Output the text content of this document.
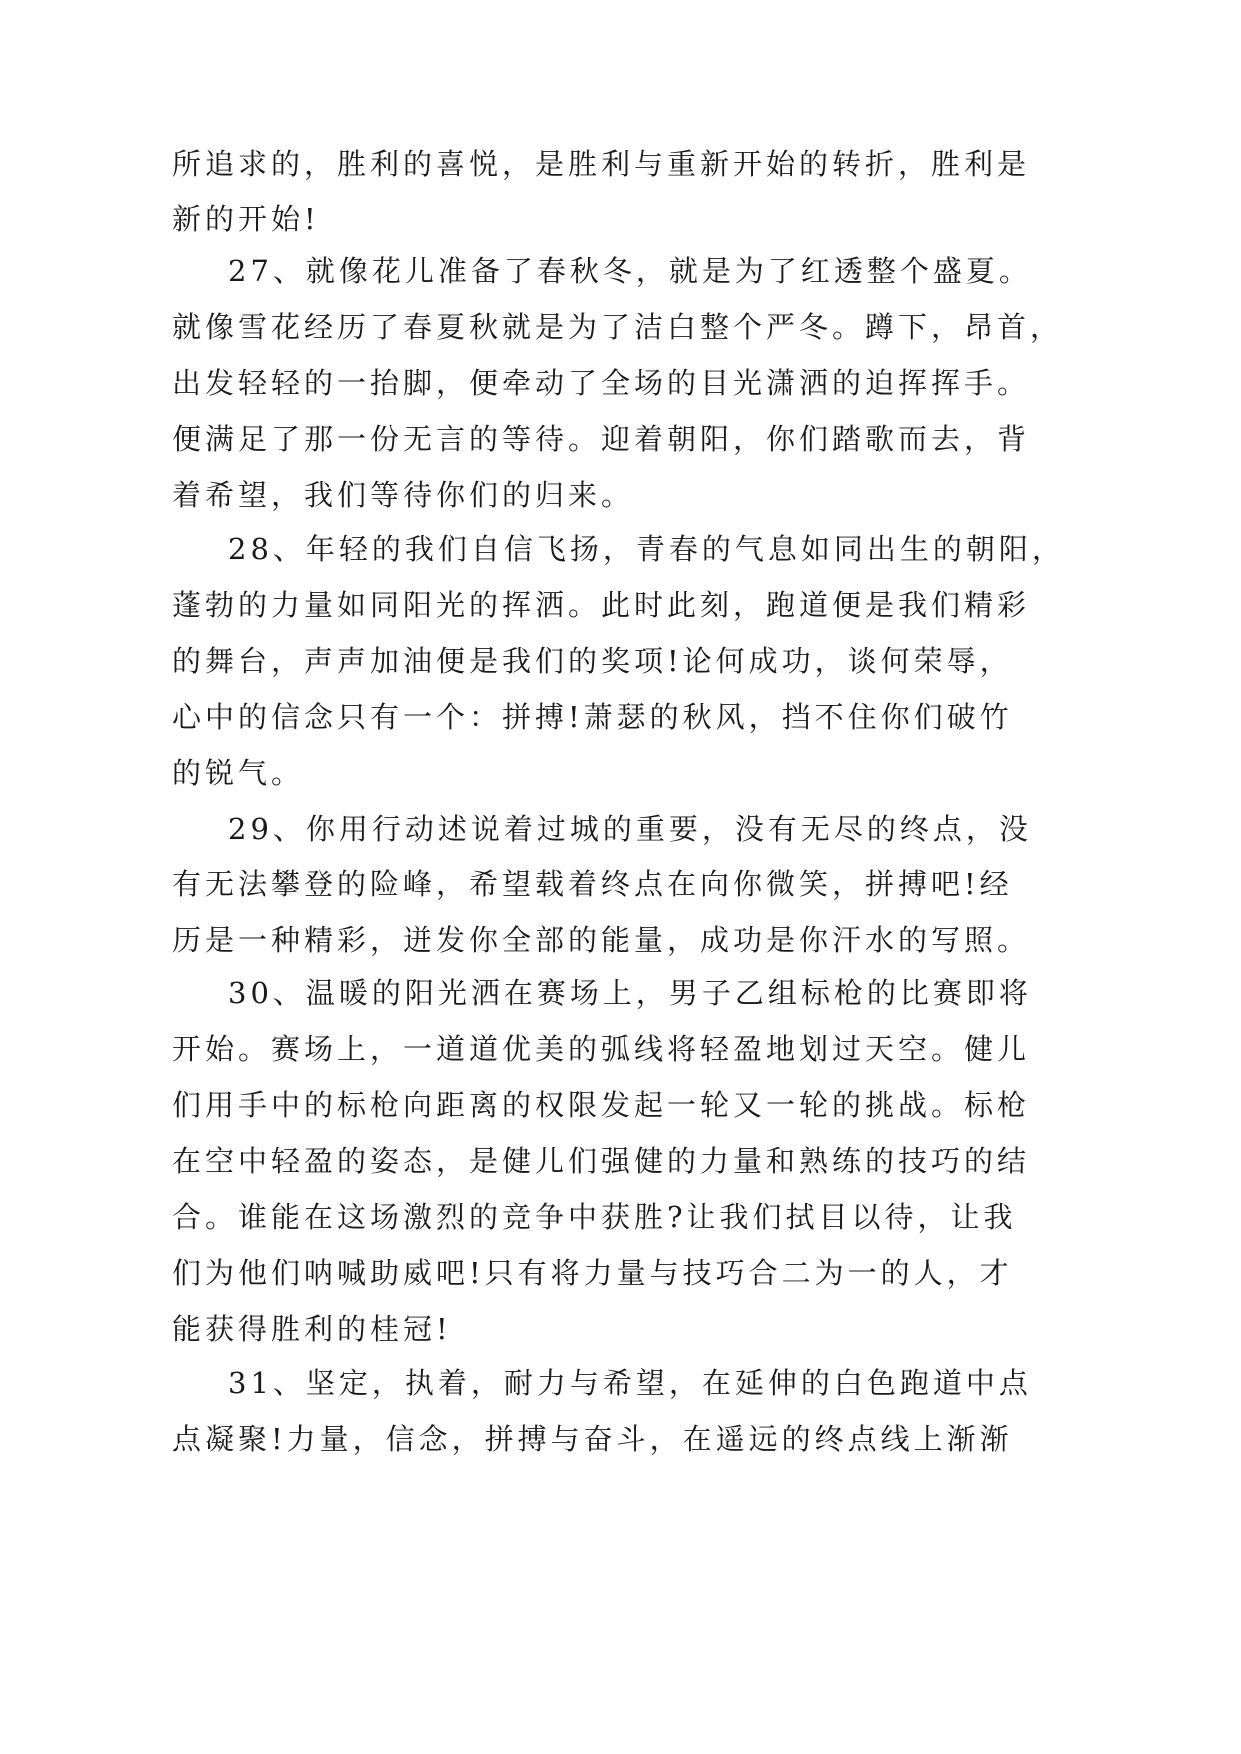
所追求的，胜利的喜悦，是胜利与重新开始的转折，胜利是
新的开始!
27、就像花儿准备了春秋冬，就是为了红透整个盛夏。
就像雪花经历了春夏秋就是为了洁白整个严冬。蹲下，昂首，
出发轻轻的一抬脚，便牵动了全场的目光潇洒的迫挥挥手。
便满足了那一份无言的等待。迎着朝阳，你们踏歌而去，背
着希望，我们等待你们的归来。
28、年轻的我们自信飞扬，青春的气息如同出生的朝阳，
蓬勃的力量如同阳光的挥洒。此时此刻，跑道便是我们精彩
的舞台，声声加油便是我们的奖项!论何成功，谈何荣辱，
心中的信念只有一个：拼搏!萧瑟的秋风，挡不住你们破竹
的锐气。
29、你用行动述说着过城的重要，没有无尽的终点，没
有无法攀登的险峰，希望载着终点在向你微笑，拼搏吧!经
历是一种精彩，迸发你全部的能量，成功是你汗水的写照。
30、温暖的阳光洒在赛场上，男子乙组标枪的比赛即将
开始。赛场上，一道道优美的弧线将轻盈地划过天空。健儿
们用手中的标枪向距离的权限发起一轮又一轮的挑战。标枪
在空中轻盈的姿态，是健儿们强健的力量和熟练的技巧的结
合。谁能在这场激烈的竞争中获胜?让我们拭目以待，让我
们为他们呐喊助威吧!只有将力量与技巧合二为一的人，才
能获得胜利的桂冠!
31、坚定，执着，耐力与希望，在延伸的白色跑道中点
点凝聚!力量，信念，拼搏与奋斗，在遥远的终点线上渐渐
